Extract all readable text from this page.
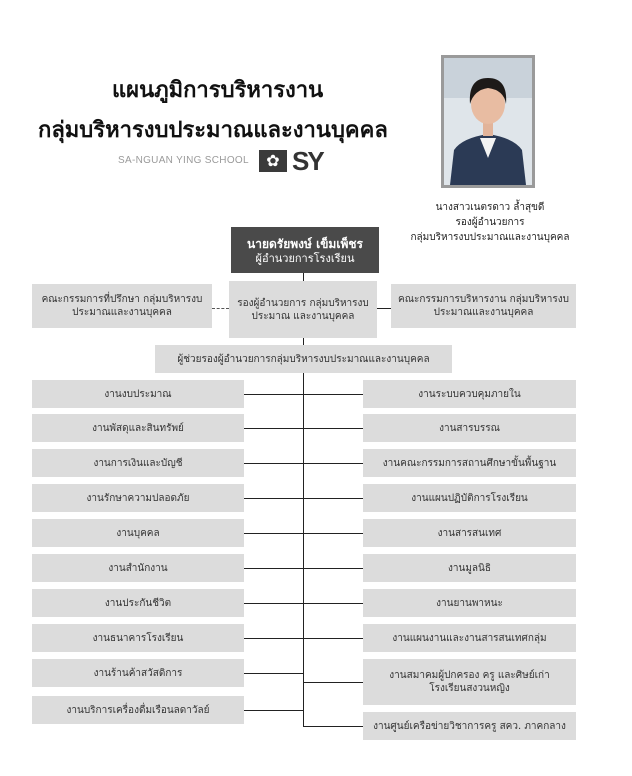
แผนภูมิการบริหารงาน
กลุ่มบริหารงบประมาณและงานบุคคล
SA-NGUAN YING SCHOOL	✿ SY
นางสาวเนตรดาว ล้ำสุขดี
รองผู้อำนวยการ
กลุ่มบริหารงบประมาณและงานบุคคล
นายดรัยพงษ์ เข็มเพ็ชร
ผู้อำนวยการโรงเรียน
รองผู้อำนวยการ กลุ่มบริหารงบประมาณ และงานบุคคล
คณะกรรมการที่ปรึกษา กลุ่มบริหารงบประมาณและงานบุคคล
คณะกรรมการบริหารงาน กลุ่มบริหารงบประมาณและงานบุคคล
ผู้ช่วยรองผู้อำนวยการกลุ่มบริหารงบประมาณและงานบุคคล
งานงบประมาณ
งานพัสดุและสินทรัพย์
งานการเงินและบัญชี
งานรักษาความปลอดภัย
งานบุคคล
งานสำนักงาน
งานประกันชีวิต
งานธนาคารโรงเรียน
งานร้านค้าสวัสดิการ
งานบริการเครื่องดื่มเรือนลดาวัลย์
งานระบบควบคุมภายใน
งานสารบรรณ
งานคณะกรรมการสถานศึกษาขั้นพื้นฐาน
งานแผนปฏิบัติการโรงเรียน
งานสารสนเทศ
งานมูลนิธิ
งานยานพาหนะ
งานแผนงานและงานสารสนเทศกลุ่ม
งานสมาคมผู้ปกครอง ครู และศิษย์เก่าโรงเรียนสงวนหญิง
งานศูนย์เครือข่ายวิชาการครู สคว. ภาคกลาง
